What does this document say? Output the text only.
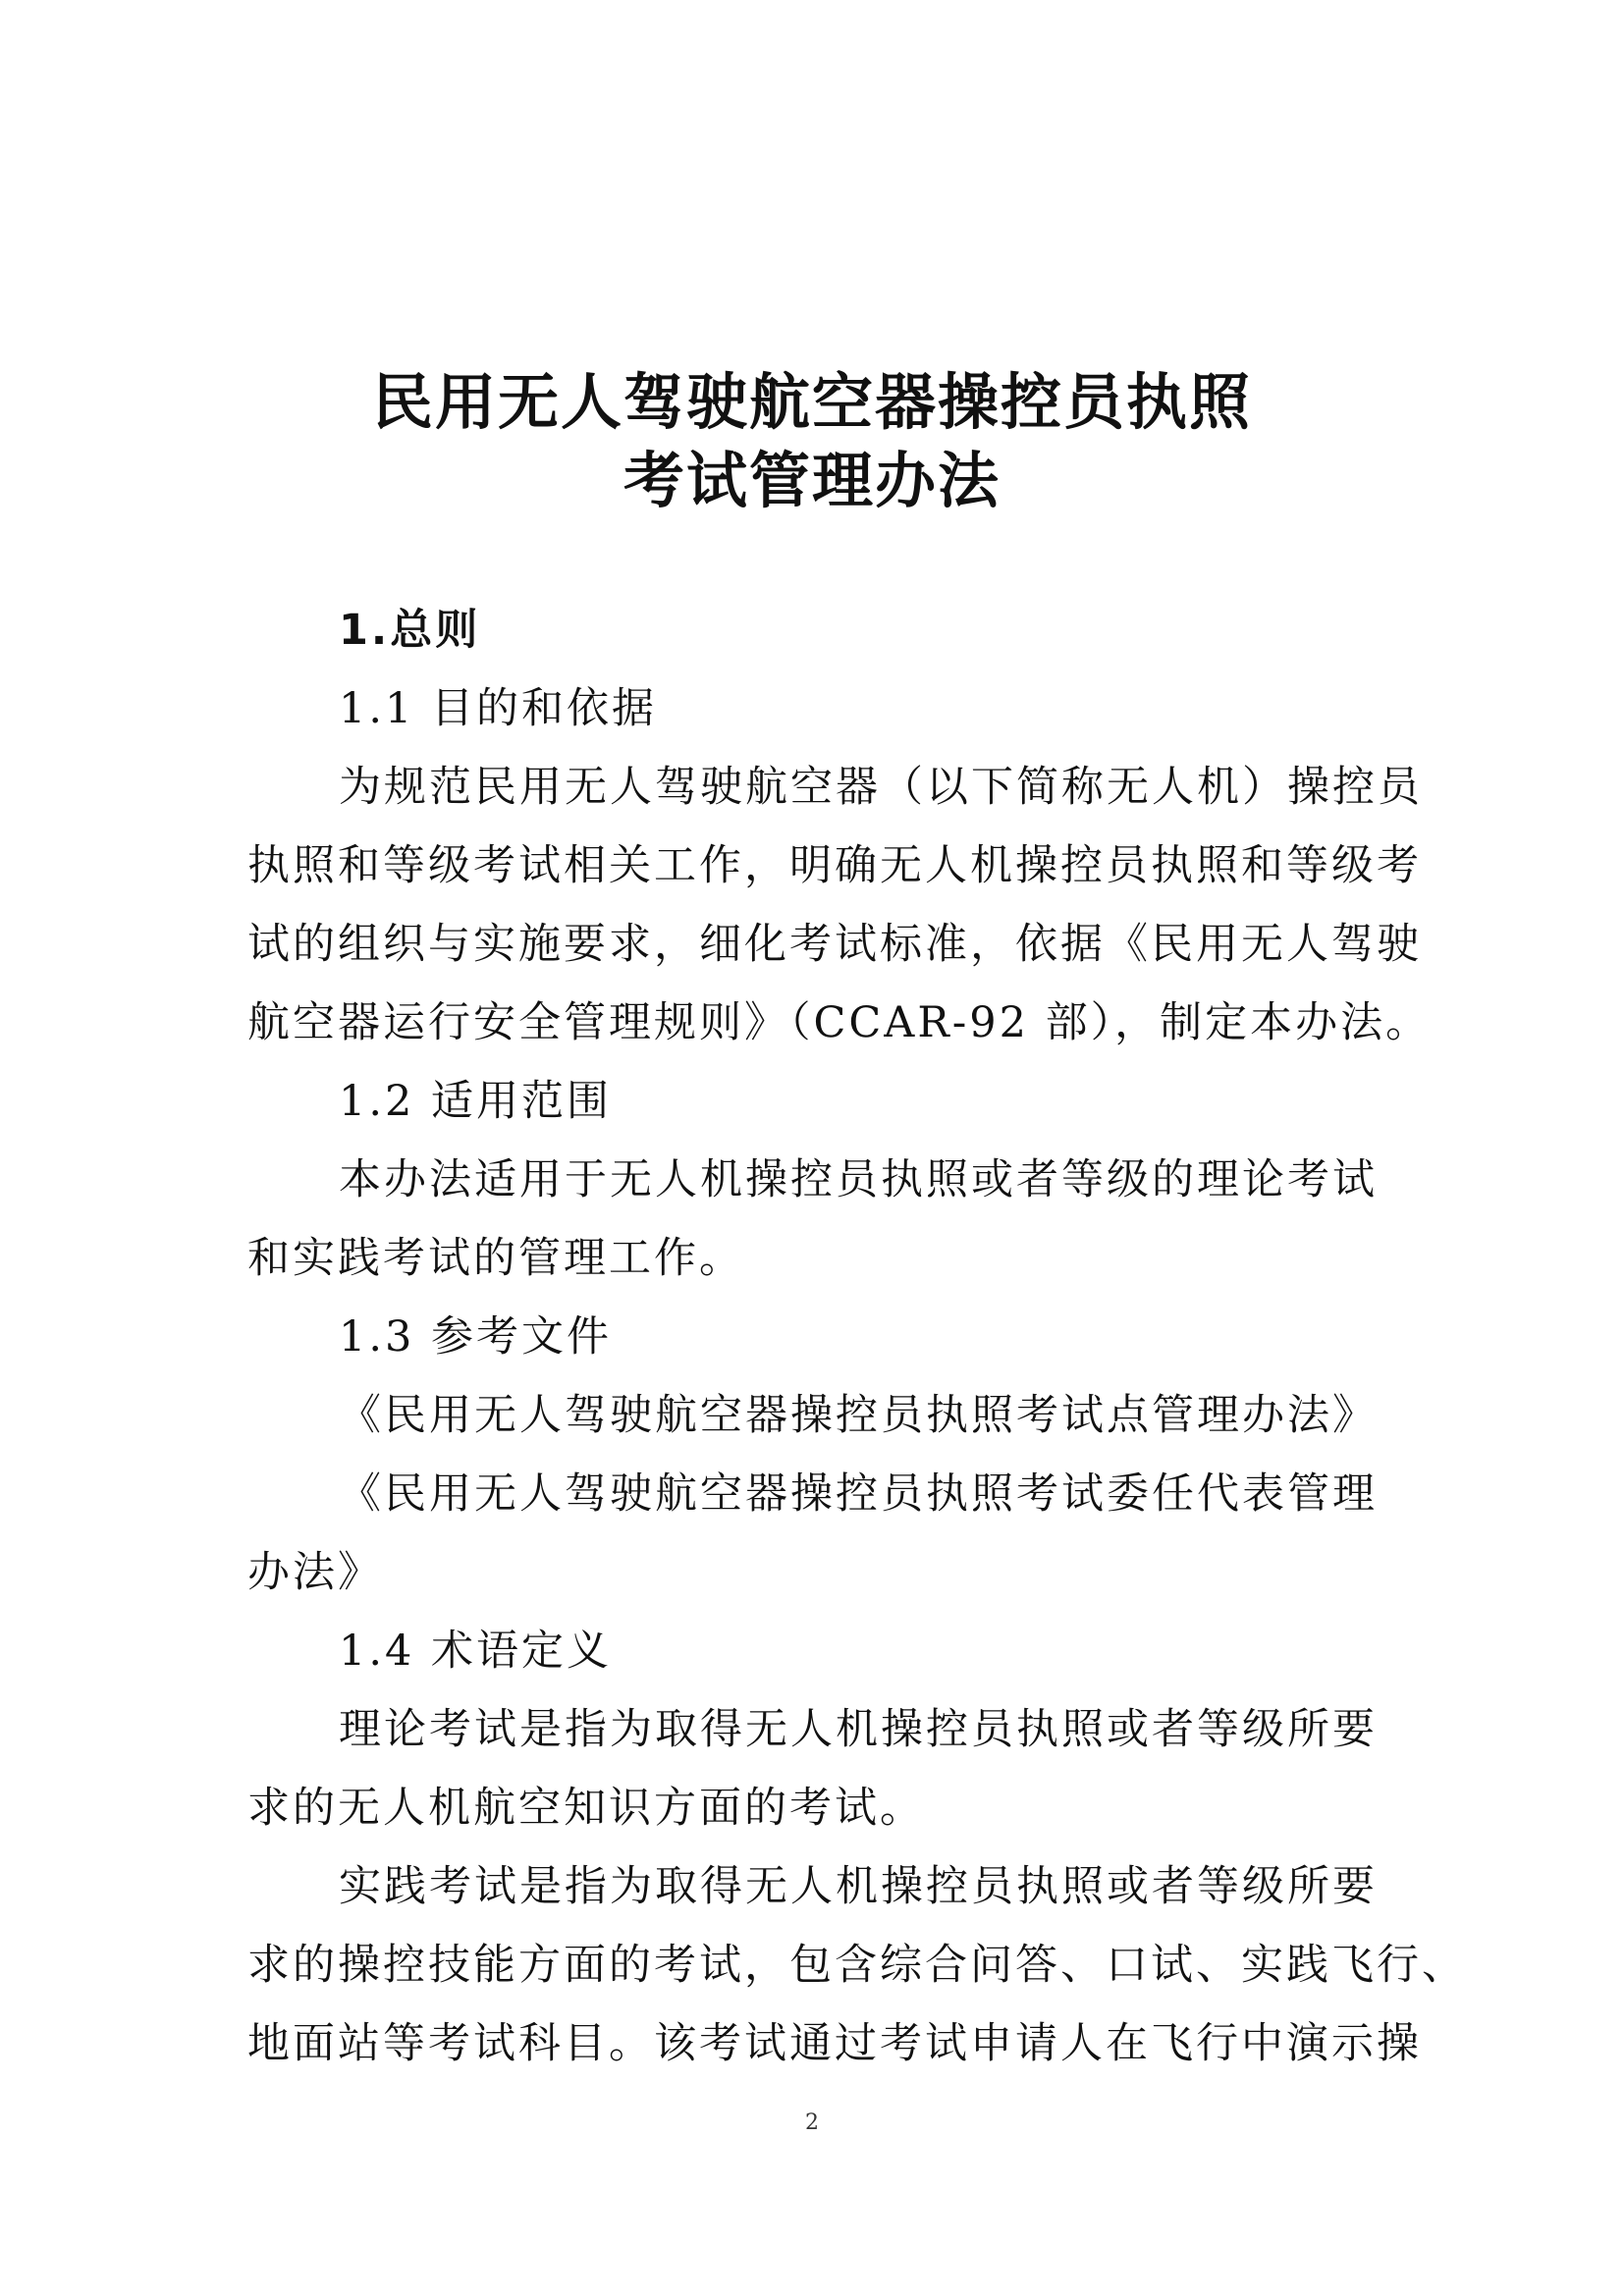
民用无人驾驶航空器操控员执照
考试管理办法
1.总则
1.1 目的和依据
为规范民用无人驾驶航空器（以下简称无人机）操控员
执照和等级考试相关工作，明确无人机操控员执照和等级考
试的组织与实施要求，细化考试标准，依据《民用无人驾驶
航空器运行安全管理规则》（CCAR-92 部），制定本办法。
1.2 适用范围
本办法适用于无人机操控员执照或者等级的理论考试
和实践考试的管理工作。
1.3 参考文件
《民用无人驾驶航空器操控员执照考试点管理办法》
《民用无人驾驶航空器操控员执照考试委任代表管理
办法》
1.4 术语定义
理论考试是指为取得无人机操控员执照或者等级所要
求的无人机航空知识方面的考试。
实践考试是指为取得无人机操控员执照或者等级所要
求的操控技能方面的考试，包含综合问答、口试、实践飞行、
地面站等考试科目。该考试通过考试申请人在飞行中演示操
2
